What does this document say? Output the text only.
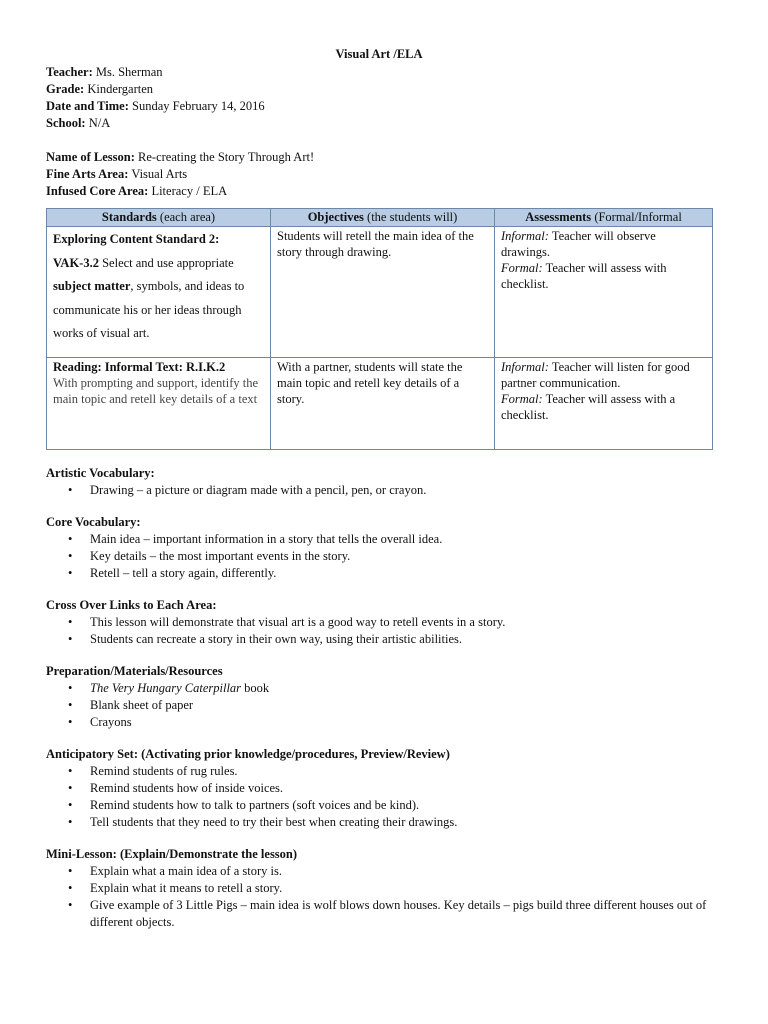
Visual Art /ELA

Teacher: Ms. Sherman

Grade: Kindergarten

Date and Time: Sunday February 14, 2016

School: N/A

Name of Lesson: Re-creating the Story Through Art!

Fine Arts Area: Visual Arts

Infused Core Area: Literacy / ELA

Standards (each area)	Objectives (the students will)	Assessments (Formal/Informal
Exploring Content Standard 2:
VAK-3.2 Select and use appropriate subject matter, symbols, and ideas to communicate his or her ideas through works of visual art.	Students will retell the main idea of the story through drawing.	Informal: Teacher will observe drawings.
Formal: Teacher will assess with checklist.
Reading: Informal Text: R.I.K.2
With prompting and support, identify the main topic and retell key details of a text	With a partner, students will state the main topic and retell key details of a story.	Informal: Teacher will listen for good partner communication.
Formal: Teacher will assess with a checklist.
Artistic Vocabulary:
• Drawing – a picture or diagram made with a pencil, pen, or crayon.
Core Vocabulary:
• Main idea – important information in a story that tells the overall idea.
• Key details – the most important events in the story.
• Retell – tell a story again, differently.
Cross Over Links to Each Area:
• This lesson will demonstrate that visual art is a good way to retell events in a story.
• Students can recreate a story in their own way, using their artistic abilities.
Preparation/Materials/Resources
• The Very Hungary Caterpillar book
• Blank sheet of paper
• Crayons
Anticipatory Set: (Activating prior knowledge/procedures, Preview/Review)
• Remind students of rug rules.
• Remind students how of inside voices.
• Remind students how to talk to partners (soft voices and be kind).
• Tell students that they need to try their best when creating their drawings.
Mini-Lesson: (Explain/Demonstrate the lesson)
• Explain what a main idea of a story is.
• Explain what it means to retell a story.
• Give example of 3 Little Pigs – main idea is wolf blows down houses. Key details – pigs build three different houses out of different objects.
